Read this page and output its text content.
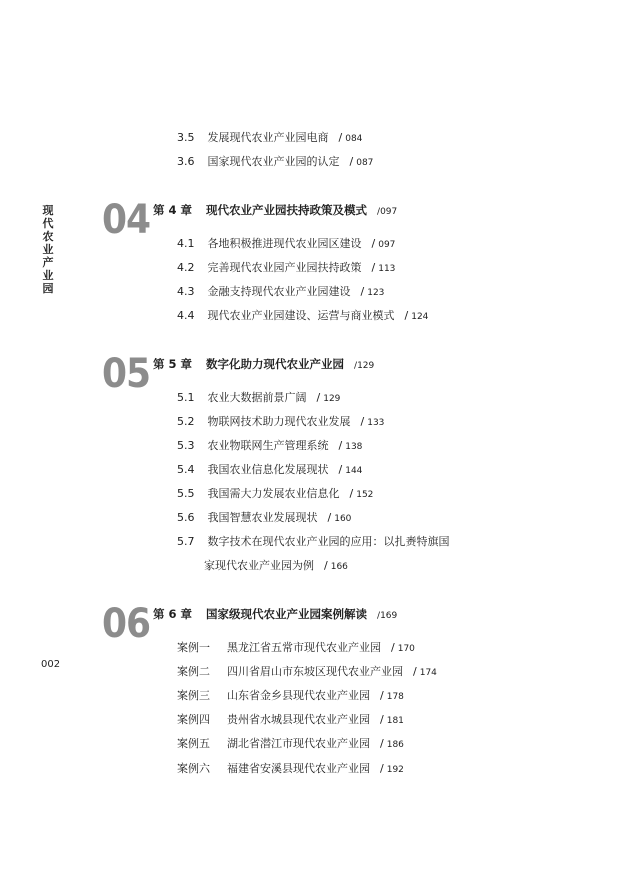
现代农业产业园
002
3.5 发展现代农业产业园电商 / 084
3.6 国家现代农业产业园的认定 / 087
04 第 4 章 现代农业产业园扶持政策及模式 /097
4.1 各地积极推进现代农业园区建设 / 097
4.2 完善现代农业园产业园扶持政策 / 113
4.3 金融支持现代农业产业园建设 / 123
4.4 现代农业产业园建设、运营与商业模式 / 124
05 第 5 章 数字化助力现代农业产业园 /129
5.1 农业大数据前景广阔 / 129
5.2 物联网技术助力现代农业发展 / 133
5.3 农业物联网生产管理系统 / 138
5.4 我国农业信息化发展现状 / 144
5.5 我国需大力发展农业信息化 / 152
5.6 我国智慧农业发展现状 / 160
5.7 数字技术在现代农业产业园的应用：以扎赉特旗国
家现代农业产业园为例 / 166
06 第 6 章 国家级现代农业产业园案例解读 /169
案例一 黑龙江省五常市现代农业产业园 / 170
案例二 四川省眉山市东坡区现代农业产业园 / 174
案例三 山东省金乡县现代农业产业园 / 178
案例四 贵州省水城县现代农业产业园 / 181
案例五 湖北省潜江市现代农业产业园 / 186
案例六 福建省安溪县现代农业产业园 / 192
